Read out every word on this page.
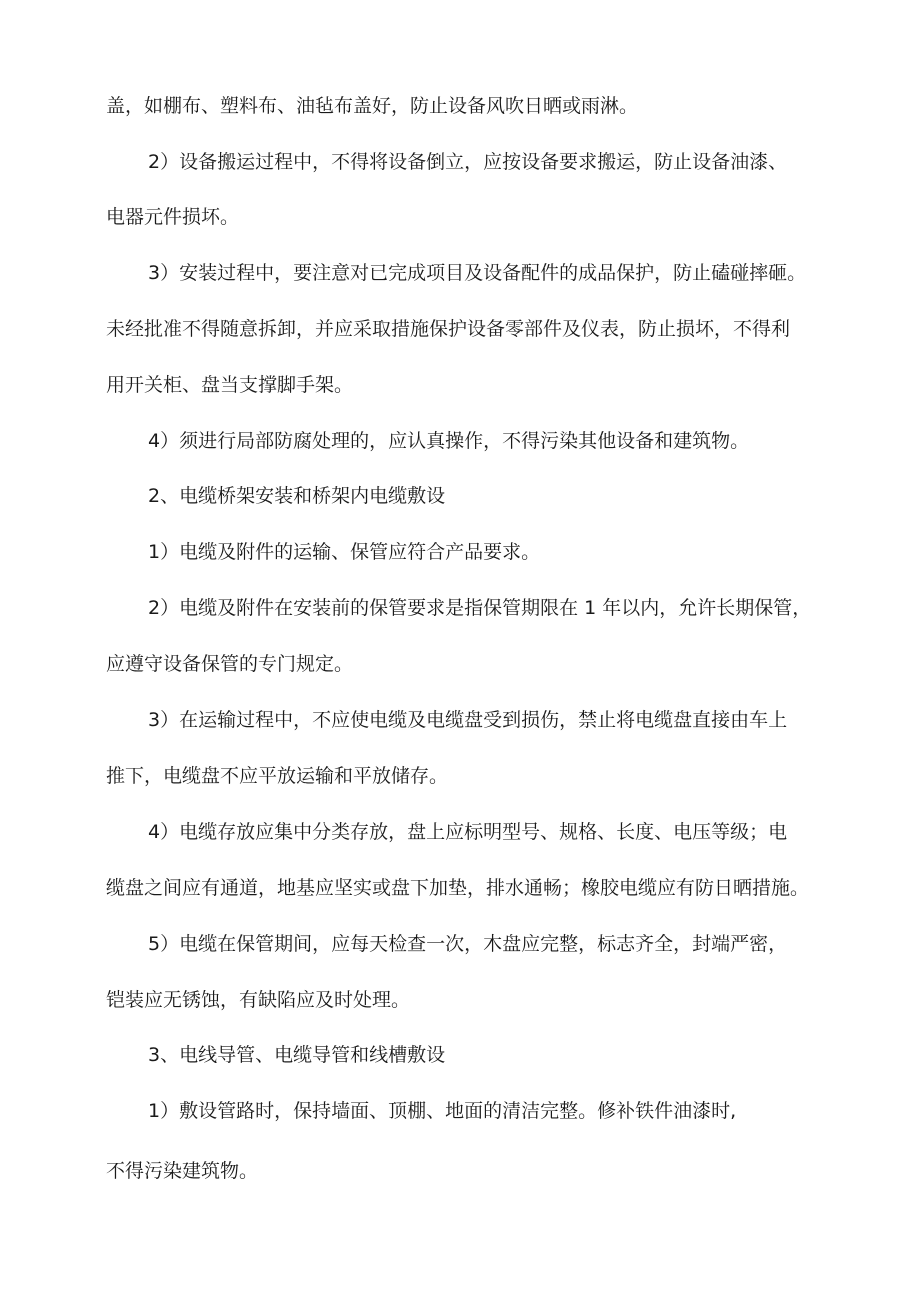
盖，如棚布、塑料布、油毡布盖好，防止设备风吹日晒或雨淋。
2）设备搬运过程中，不得将设备倒立，应按设备要求搬运，防止设备油漆、
电器元件损坏。
3）安装过程中，要注意对已完成项目及设备配件的成品保护，防止磕碰摔砸。
未经批准不得随意拆卸，并应采取措施保护设备零部件及仪表，防止损坏，不得利
用开关柜、盘当支撑脚手架。
4）须进行局部防腐处理的，应认真操作，不得污染其他设备和建筑物。
2、电缆桥架安装和桥架内电缆敷设
1）电缆及附件的运输、保管应符合产品要求。
2）电缆及附件在安装前的保管要求是指保管期限在 1 年以内，允许长期保管，
应遵守设备保管的专门规定。
3）在运输过程中，不应使电缆及电缆盘受到损伤，禁止将电缆盘直接由车上
推下，电缆盘不应平放运输和平放储存。
4）电缆存放应集中分类存放，盘上应标明型号、规格、长度、电压等级；电
缆盘之间应有通道，地基应坚实或盘下加垫，排水通畅；橡胶电缆应有防日晒措施。
5）电缆在保管期间，应每天检查一次，木盘应完整，标志齐全，封端严密，
铠装应无锈蚀，有缺陷应及时处理。
3、电线导管、电缆导管和线槽敷设
1）敷设管路时，保持墙面、顶棚、地面的清洁完整。修补铁件油漆时,
不得污染建筑物。
